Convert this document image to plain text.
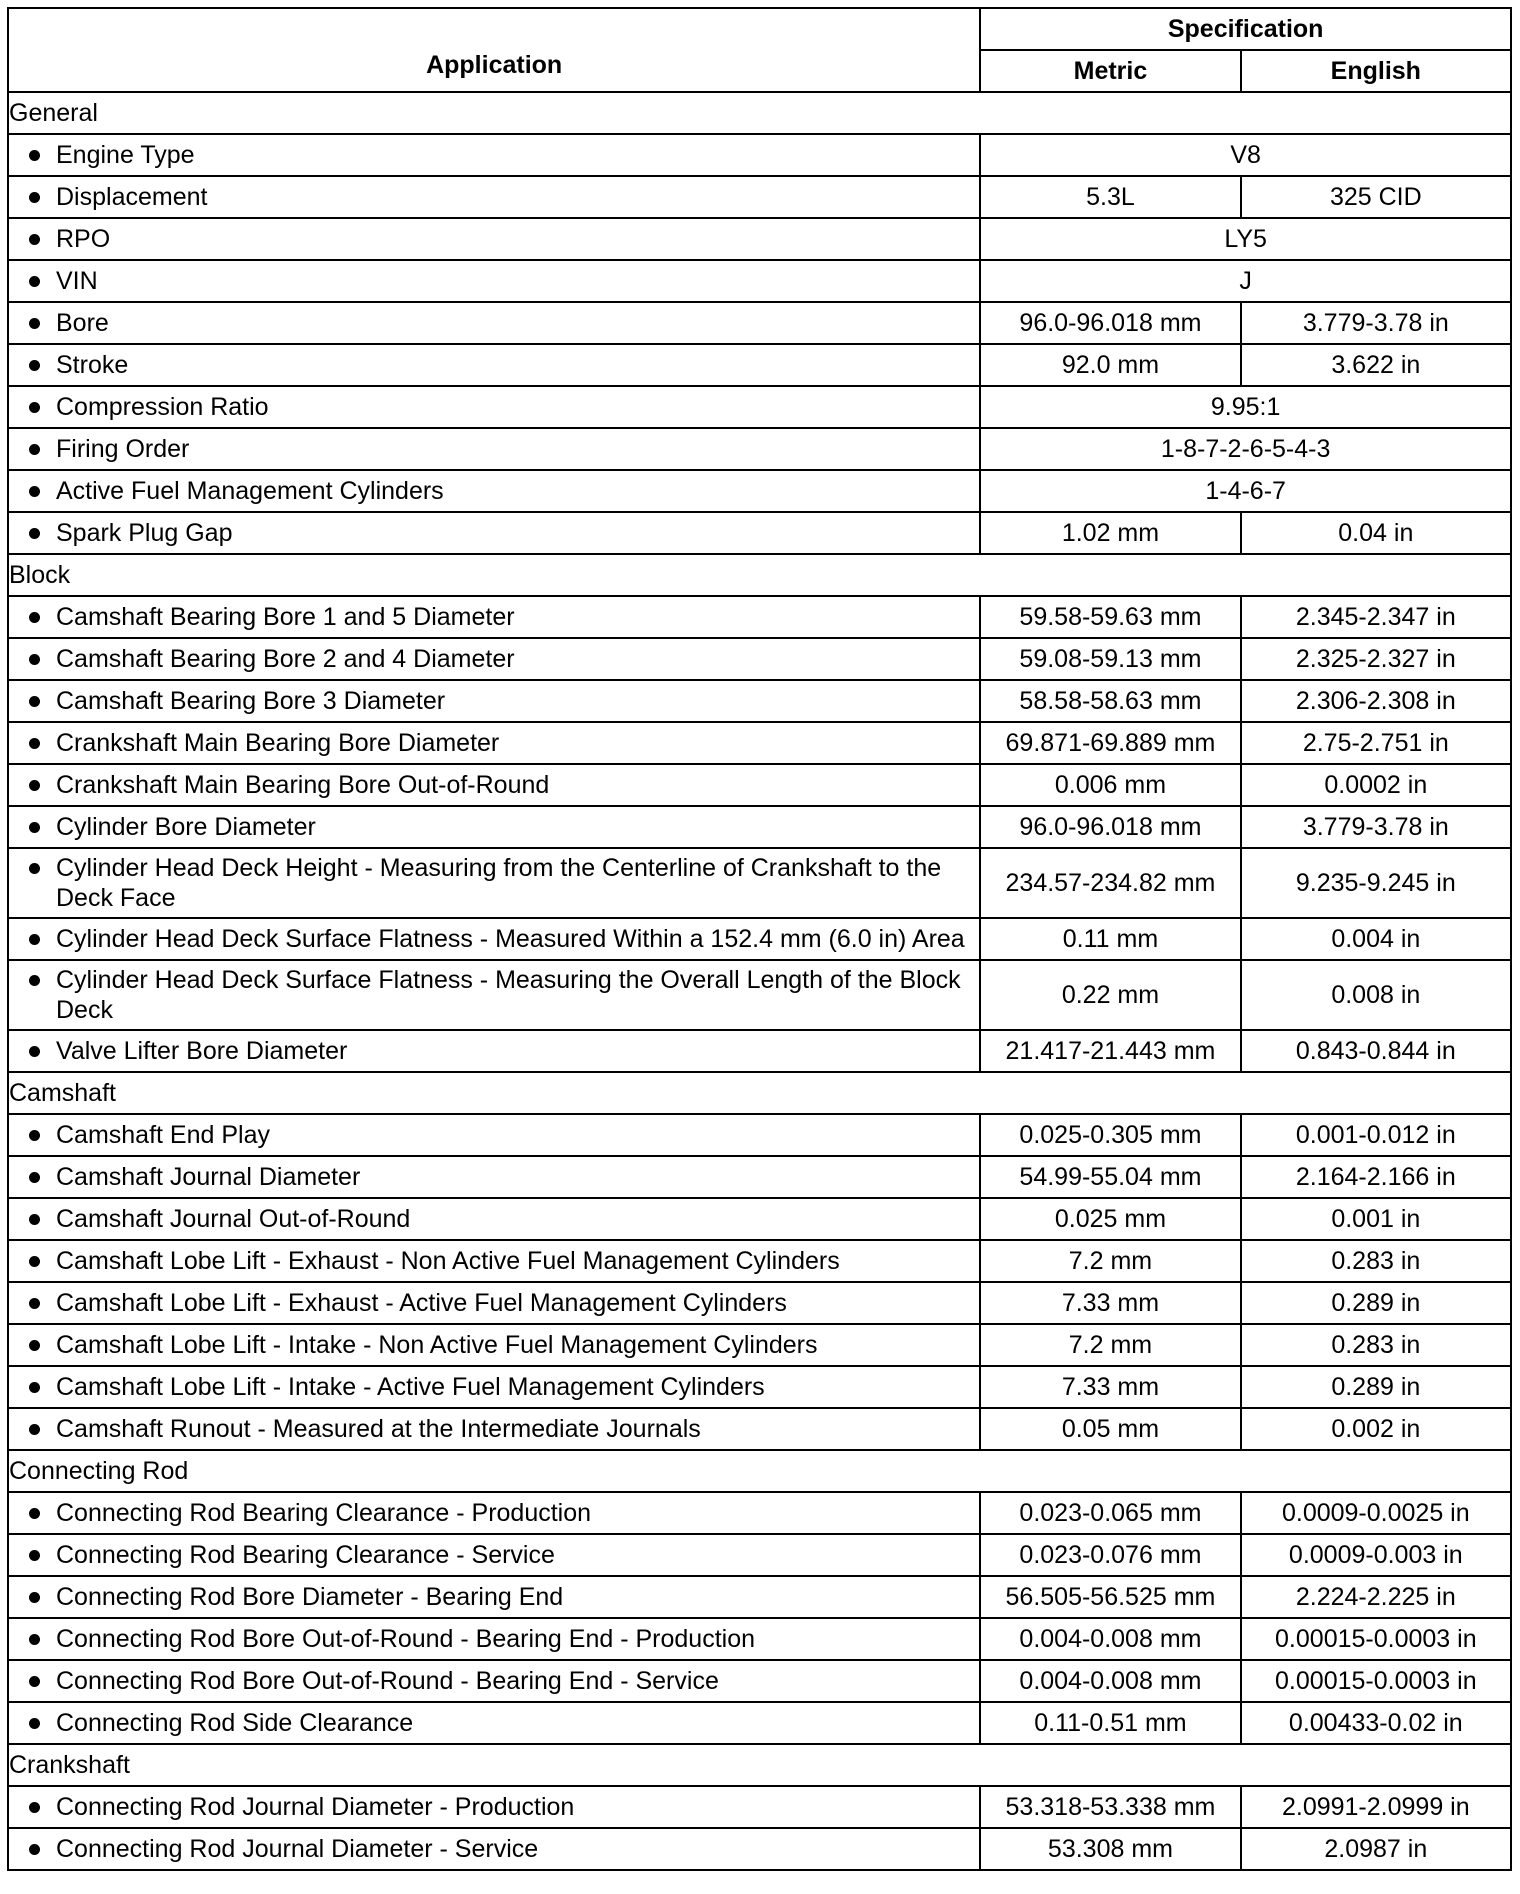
Application	Specification	
	Metric	English
General		

Engine Type	V8	

Displacement	5.3L	325 CID

RPO	LY5	

VIN	J	

Bore	96.0-96.018 mm	3.779-3.78 in

Stroke	92.0 mm	3.622 in

Compression Ratio	9.95:1	

Firing Order	1-8-7-2-6-5-4-3	

Active Fuel Management Cylinders	1-4-6-7	

Spark Plug Gap	1.02 mm	0.04 in
Block		

Camshaft Bearing Bore 1 and 5 Diameter	59.58-59.63 mm	2.345-2.347 in

Camshaft Bearing Bore 2 and 4 Diameter	59.08-59.13 mm	2.325-2.327 in

Camshaft Bearing Bore 3 Diameter	58.58-58.63 mm	2.306-2.308 in

Crankshaft Main Bearing Bore Diameter	69.871-69.889 mm	2.75-2.751 in

Crankshaft Main Bearing Bore Out-of-Round	0.006 mm	0.0002 in

Cylinder Bore Diameter	96.0-96.018 mm	3.779-3.78 in

Cylinder Head Deck Height - Measuring from the Centerline of Crankshaft to the Deck Face	234.57-234.82 mm	9.235-9.245 in

Cylinder Head Deck Surface Flatness - Measured Within a 152.4 mm (6.0 in) Area	0.11 mm	0.004 in

Cylinder Head Deck Surface Flatness - Measuring the Overall Length of the Block Deck	0.22 mm	0.008 in

Valve Lifter Bore Diameter	21.417-21.443 mm	0.843-0.844 in
Camshaft		

Camshaft End Play	0.025-0.305 mm	0.001-0.012 in

Camshaft Journal Diameter	54.99-55.04 mm	2.164-2.166 in

Camshaft Journal Out-of-Round	0.025 mm	0.001 in

Camshaft Lobe Lift - Exhaust - Non Active Fuel Management Cylinders	7.2 mm	0.283 in

Camshaft Lobe Lift - Exhaust - Active Fuel Management Cylinders	7.33 mm	0.289 in

Camshaft Lobe Lift - Intake - Non Active Fuel Management Cylinders	7.2 mm	0.283 in

Camshaft Lobe Lift - Intake - Active Fuel Management Cylinders	7.33 mm	0.289 in

Camshaft Runout - Measured at the Intermediate Journals	0.05 mm	0.002 in
Connecting Rod		

Connecting Rod Bearing Clearance - Production	0.023-0.065 mm	0.0009-0.0025 in

Connecting Rod Bearing Clearance - Service	0.023-0.076 mm	0.0009-0.003 in

Connecting Rod Bore Diameter - Bearing End	56.505-56.525 mm	2.224-2.225 in

Connecting Rod Bore Out-of-Round - Bearing End - Production	0.004-0.008 mm	0.00015-0.0003 in

Connecting Rod Bore Out-of-Round - Bearing End - Service	0.004-0.008 mm	0.00015-0.0003 in

Connecting Rod Side Clearance	0.11-0.51 mm	0.00433-0.02 in
Crankshaft		

Connecting Rod Journal Diameter - Production	53.318-53.338 mm	2.0991-2.0999 in

Connecting Rod Journal Diameter - Service	53.308 mm	2.0987 in
